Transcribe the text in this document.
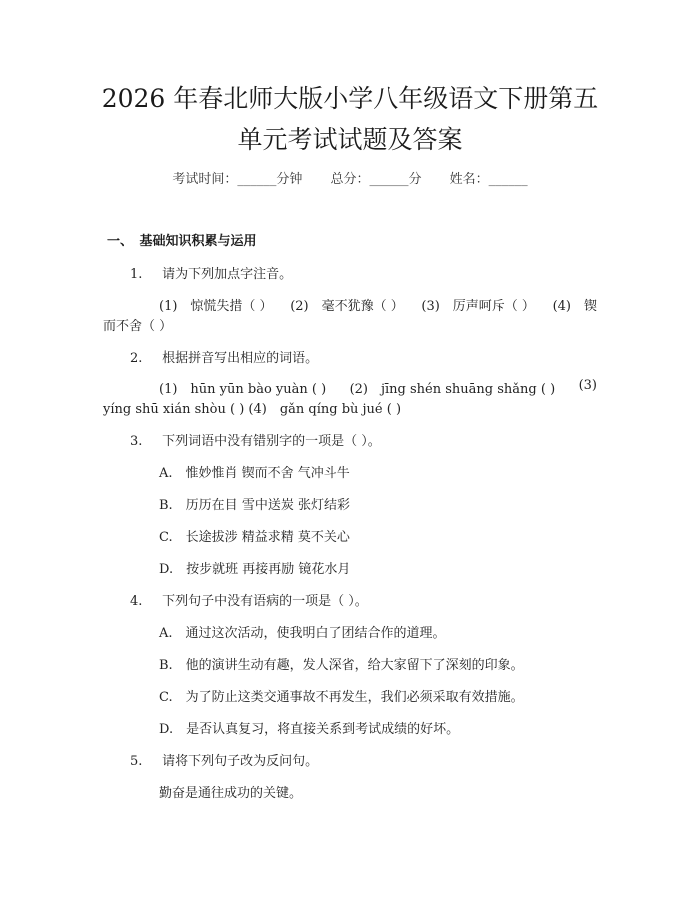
2026 年春北师大版小学八年级语文下册第五
单元考试试题及答案
考试时间：______分钟 总分：______分 姓名：______
一、　基础知识积累与运用
1. 请为下列加点字注音。
(1)　惊慌失措（ ） (2)　毫不犹豫（ ） (3)　厉声呵斥（ ） (4)　锲
而不舍（ ）
2. 根据拼音写出相应的词语。
(1)　hūn yūn bào yuàn ( ) (2)　jīng shén shuāng shǎng ( ) (3)
yíng shū xián shòu ( ) (4)　gǎn qíng bù jué ( )
3. 下列词语中没有错别字的一项是（ ）。
A.　惟妙惟肖 锲而不舍 气冲斗牛
B.　历历在目 雪中送炭 张灯结彩
C.　长途拔涉 精益求精 莫不关心
D.　按步就班 再接再励 镜花水月
4. 下列句子中没有语病的一项是（ ）。
A.　通过这次活动，使我明白了团结合作的道理。
B.　他的演讲生动有趣，发人深省，给大家留下了深刻的印象。
C.　为了防止这类交通事故不再发生，我们必须采取有效措施。
D.　是否认真复习，将直接关系到考试成绩的好坏。
5. 请将下列句子改为反问句。
勤奋是通往成功的关键。
